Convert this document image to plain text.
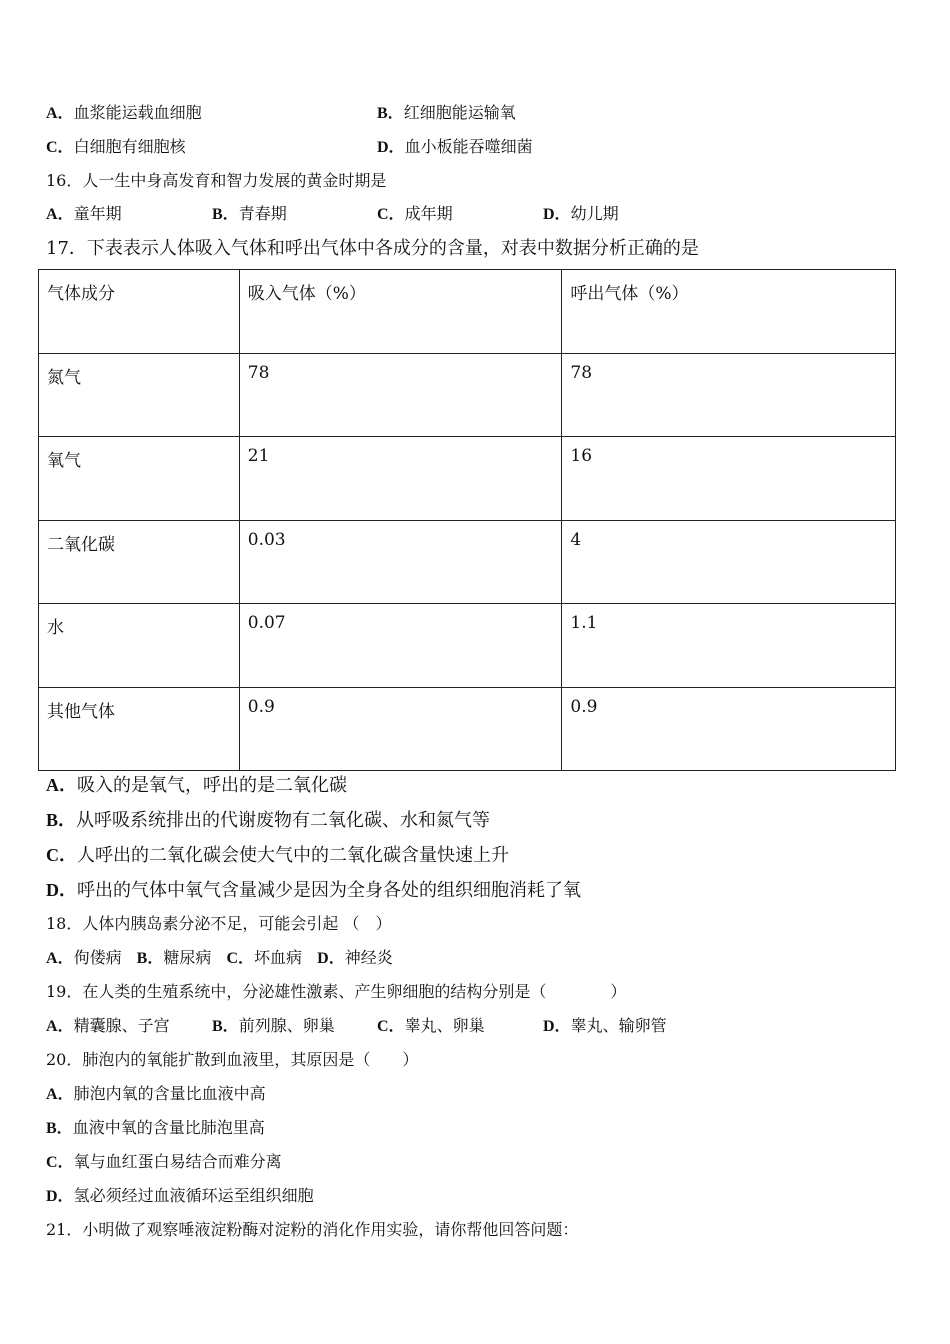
A．血浆能运载血细胞	B．红细胞能运输氧
C．白细胞有细胞核	D．血小板能吞噬细菌
16．人一生中身高发育和智力发展的黄金时期是
A．童年期	B．青春期	C．成年期	D．幼儿期
17．下表表示人体吸入气体和呼出气体中各成分的含量，对表中数据分析正确的是
气体成分	吸入气体（%）	呼出气体（%）
氮气	78	78
氧气	21	16
二氧化碳	0.03	4
水	0.07	1.1
其他气体	0.9	0.9
A．吸入的是氧气，呼出的是二氧化碳
B．从呼吸系统排出的代谢废物有二氧化碳、水和氮气等
C．人呼出的二氧化碳会使大气中的二氧化碳含量快速上升
D．呼出的气体中氧气含量减少是因为全身各处的组织细胞消耗了氧
18．人体内胰岛素分泌不足，可能会引起 （　）
A．佝偻病 B．糖尿病 C．坏血病 D．神经炎
19．在人类的生殖系统中，分泌雄性激素、产生卵细胞的结构分别是（　　　　）
A．精囊腺、子宫	B．前列腺、卵巢	C．睾丸、卵巢	D．睾丸、输卵管
20．肺泡内的氧能扩散到血液里，其原因是（　　）
A．肺泡内氧的含量比血液中高
B．血液中氧的含量比肺泡里高
C．氧与血红蛋白易结合而难分离
D．氢必须经过血液循环运至组织细胞
21．小明做了观察唾液淀粉酶对淀粉的消化作用实验，请你帮他回答问题：
